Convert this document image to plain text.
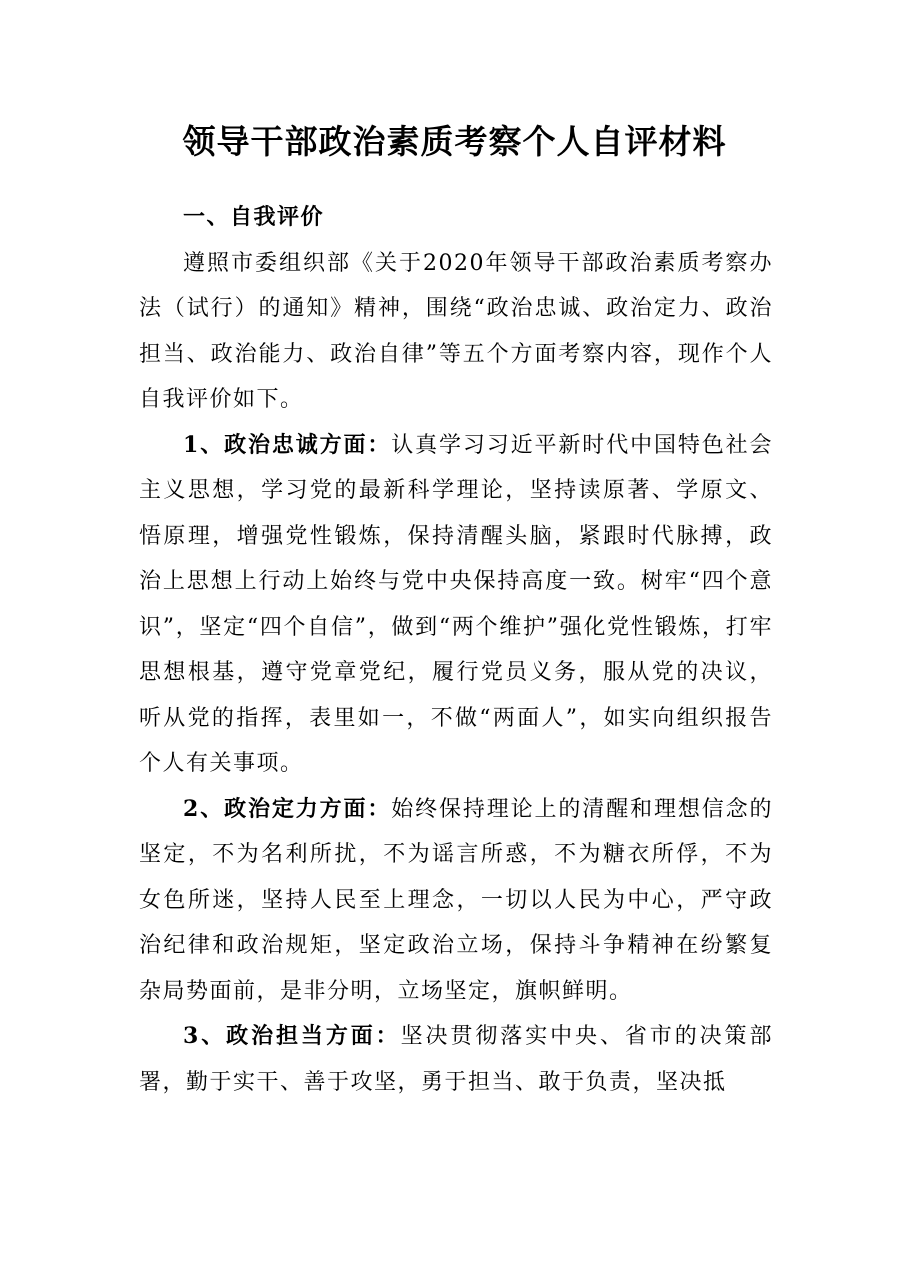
领导干部政治素质考察个人自评材料

一、自我评价

遵照市委组织部《关于2020年领导干部政治素质考察办法（试行）的通知》精神，围绕“政治忠诚、政治定力、政治担当、政治能力、政治自律”等五个方面考察内容，现作个人自我评价如下。

1、政治忠诚方面：认真学习习近平新时代中国特色社会主义思想，学习党的最新科学理论，坚持读原著、学原文、悟原理，增强党性锻炼，保持清醒头脑，紧跟时代脉搏，政治上思想上行动上始终与党中央保持高度一致。树牢“四个意识”，坚定“四个自信”，做到“两个维护”强化党性锻炼，打牢思想根基，遵守党章党纪，履行党员义务，服从党的决议，听从党的指挥，表里如一，不做“两面人”，如实向组织报告个人有关事项。

2、政治定力方面：始终保持理论上的清醒和理想信念的坚定，不为名利所扰，不为谣言所惑，不为糖衣所俘，不为女色所迷，坚持人民至上理念，一切以人民为中心，严守政治纪律和政治规矩，坚定政治立场，保持斗争精神在纷繁复杂局势面前，是非分明，立场坚定，旗帜鲜明。

3、政治担当方面：坚决贯彻落实中央、省市的决策部署，勤于实干、善于攻坚，勇于担当、敢于负责，坚决抵
